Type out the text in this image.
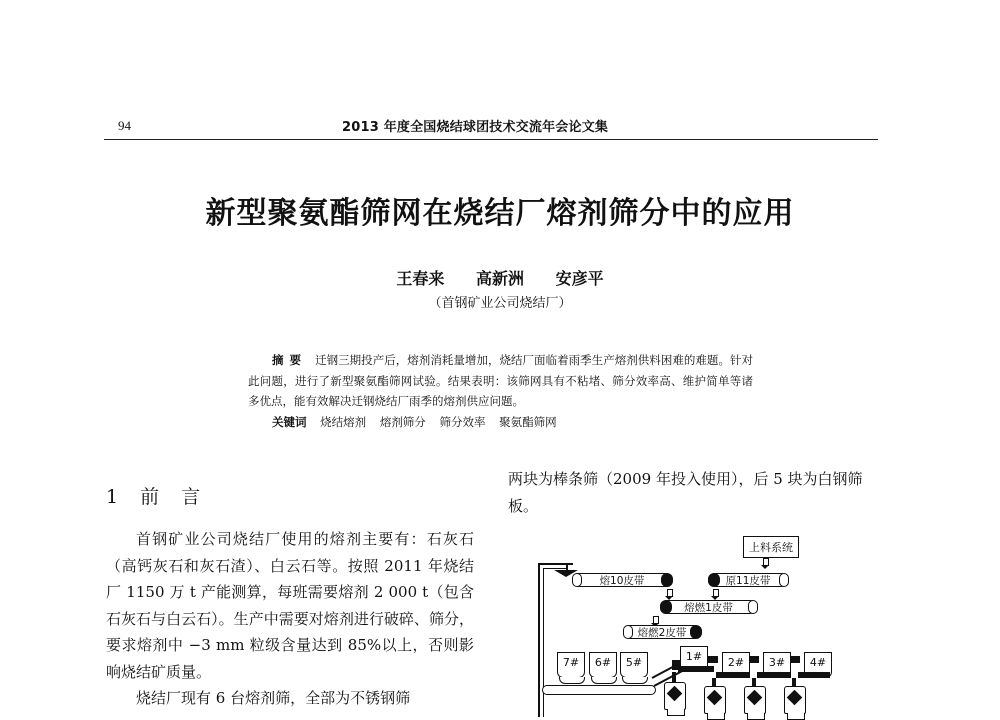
94	2013 年度全国烧结球团技术交流年会论文集
新型聚氨酯筛网在烧结厂熔剂筛分中的应用
王春来 高新洲 安彦平
（首钢矿业公司烧结厂）
摘要 迁钢三期投产后，熔剂消耗量增加，烧结厂面临着雨季生产熔剂供料困难的难题。针对此问题，进行了新型聚氨酯筛网试验。结果表明：该筛网具有不粘堵、筛分效率高、维护简单等诸多优点，能有效解决迁钢烧结厂雨季的熔剂供应问题。
关键词 烧结熔剂 熔剂筛分 筛分效率 聚氨酯筛网
1 前 言

首钢矿业公司烧结厂使用的熔剂主要有：石灰石（高钙灰石和灰石渣）、白云石等。按照 2011 年烧结厂 1150 万 t 产能测算，每班需要熔剂 2 000 t（包含石灰石与白云石）。生产中需要对熔剂进行破碎、筛分，要求熔剂中 −3 mm 粒级含量达到 85%以上，否则影响烧结矿质量。

烧结厂现有 6 台熔剂筛，全部为不锈钢筛

两块为棒条筛（2009 年投入使用），后 5 块为白钢筛板。

上料系统
熔10皮带	原11皮带
熔燃1皮带
熔燃2皮带
7#	6#	5#	1#	2#	3#	4#
